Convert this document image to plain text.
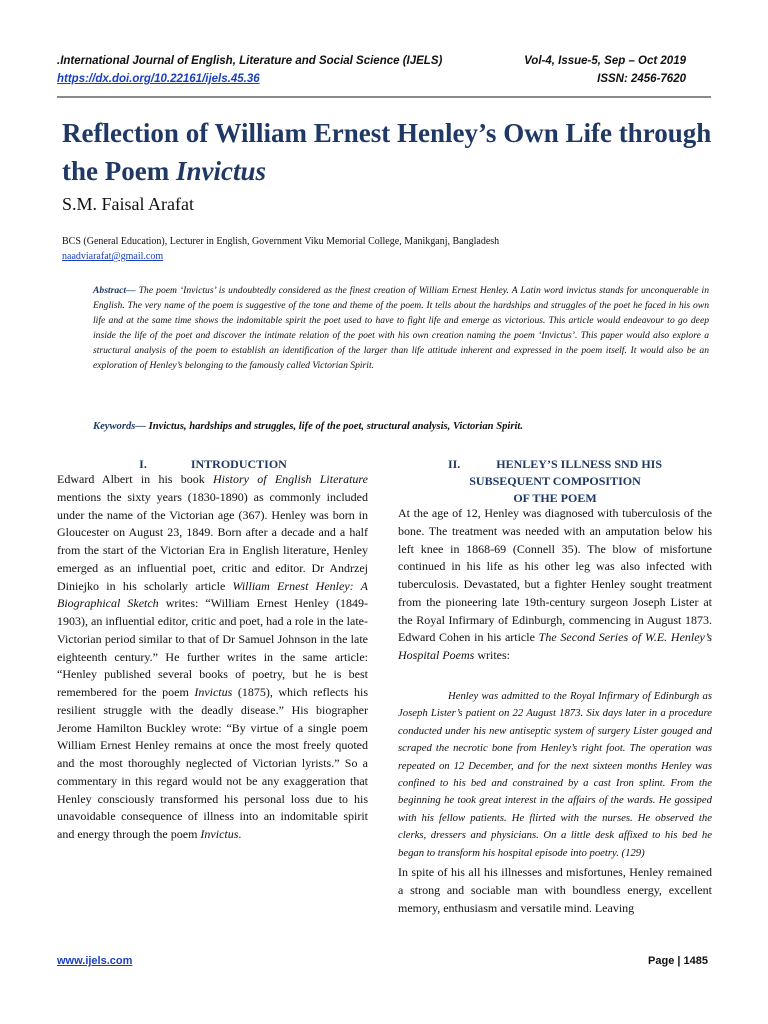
.International Journal of English, Literature and Social Science (IJELS)
https://dx.doi.org/10.22161/ijels.45.36
Vol-4, Issue-5, Sep – Oct 2019
ISSN: 2456-7620
Reflection of William Ernest Henley’s Own Life through the Poem Invictus
S.M. Faisal Arafat
BCS (General Education), Lecturer in English, Government Viku Memorial College, Manikganj, Bangladesh
naadviarafat@gmail.com
Abstract— The poem ‘Invictus’ is undoubtedly considered as the finest creation of William Ernest Henley. A Latin word invictus stands for unconquerable in English. The very name of the poem is suggestive of the tone and theme of the poem. It tells about the hardships and struggles of the poet he faced in his own life and at the same time shows the indomitable spirit the poet used to have to fight life and emerge as victorious. This article would endeavour to go deep inside the life of the poet and discover the intimate relation of the poet with his own creation naming the poem ‘Invictus’. This paper would also explore a structural analysis of the poem to establish an identification of the larger than life attitude inherent and expressed in the poem itself. It would also be an exploration of Henley’s belonging to the famously called Victorian Spirit.
Keywords— Invictus, hardships and struggles, life of the poet, structural analysis, Victorian Spirit.
I.	INTRODUCTION
Edward Albert in his book History of English Literature mentions the sixty years (1830-1890) as commonly included under the name of the Victorian age (367). Henley was born in Gloucester on August 23, 1849. Born after a decade and a half from the start of the Victorian Era in English literature, Henley emerged as an influential poet, critic and editor. Dr Andrzej Diniejko in his scholarly article William Ernest Henley: A Biographical Sketch writes: “William Ernest Henley (1849-1903), an influential editor, critic and poet, had a role in the late-Victorian period similar to that of Dr Samuel Johnson in the late eighteenth century.” He further writes in the same article: “Henley published several books of poetry, but he is best remembered for the poem Invictus (1875), which reflects his resilient struggle with the deadly disease.” His biographer Jerome Hamilton Buckley wrote: “By virtue of a single poem William Ernest Henley remains at once the most freely quoted and the most thoroughly neglected of Victorian lyrists.” So a commentary in this regard would not be any exaggeration that Henley consciously transformed his personal loss due to his unavoidable consequence of illness into an indomitable spirit and energy through the poem Invictus.
II.	HENLEY’S ILLNESS SND HIS
SUBSEQUENT COMPOSITION
OF THE POEM
At the age of 12, Henley was diagnosed with tuberculosis of the bone. The treatment was needed with an amputation below his left knee in 1868-69 (Connell 35). The blow of misfortune continued in his life as his other leg was also infected with tuberculosis. Devastated, but a fighter Henley sought treatment from the pioneering late 19th-century surgeon Joseph Lister at the Royal Infirmary of Edinburgh, commencing in August 1873. Edward Cohen in his article The Second Series of W.E. Henley’s Hospital Poems writes:
Henley was admitted to the Royal Infirmary of Edinburgh as Joseph Lister’s patient on 22 August 1873. Six days later in a procedure conducted under his new antiseptic system of surgery Lister gouged and scraped the necrotic bone from Henley’s right foot. The operation was repeated on 12 December, and for the next sixteen months Henley was confined to his bed and constrained by a cast Iron splint. From the beginning he took great interest in the affairs of the wards. He gossiped with his fellow patients. He flirted with the nurses. He observed the clerks, dressers and physicians. On a little desk affixed to his bed he began to transform his hospital episode into poetry. (129)
In spite of his all his illnesses and misfortunes, Henley remained a strong and sociable man with boundless energy, excellent memory, enthusiasm and versatile mind. Leaving
www.ijels.com	Page | 1485
